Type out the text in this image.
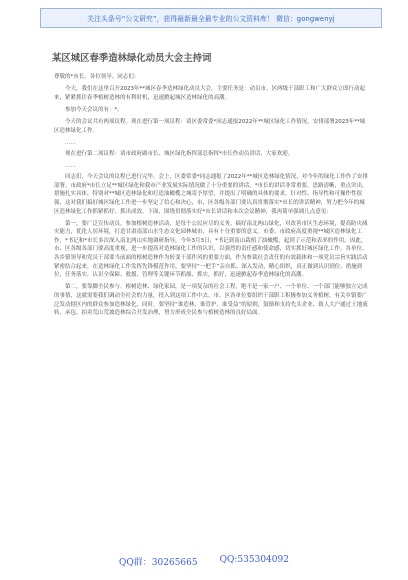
关注头条号“公文研究”，获得最新最全最专业的公文资料库！ 微信：gongwenyj
某区城区春季造林绿化动员大会主持词
尊敬的*市长，各位领导、同志们：
今天，我们在这里召开2023年**城区春季造林绿化动员大会，主要任务是：动员市、区两级干部职工和广大群众立即行动起来，紧紧抓住春季植树造林的有利时机，迅速掀起城区造林绿化的高潮。
参加今天会议的有：*。
今天的会议共有两项议程。现在进行第一项议程：请区委常委*同志通报2022年**城区绿化工作情况，安排部署2023年**城区造林绿化工作。
……
现在进行第二项议程：请市政府副市长、城区绿化指挥部总指挥*市长作动员讲话，大家欢迎。
……
同志们，今天会议的议程已进行完毕。会上，区委常委*同志通报了2022年**城区造林绿化情况，对今年的绿化工作作了安排部署，市政府*市长立足**城区绿化和我市产业发展实际情况做了十分重要的讲话，*市长的讲话非常重要，思路清晰，重点突出，措施扎实具体，特别对**城区造林绿化和打造油橄榄之城寄予厚望，并提出了明确的具体的要求，针对性、指导性和可操作性很强，这对我们搞好城区绿化工作进一步坚定了信心和决心，市、区各级各部门要认真贯彻落实*市长的讲话精神，努力把今年的城区造林绿化工作抓紧抓好、抓出成效。下面，围绕贯彻落实好*市长讲话和本次会议精神，我再简单强调几点意见：
第一，要广泛宣传动员。参加植树造林活动，是每个公民应尽的义务。搞好南北两山绿化，对改善市区生态环境，提高防灾减灾能力，优化人居环境，打造甘肃南部山水生态文化园林城市，具有十分重要的意义。市委、市政府高度重视**城区造林绿化工作，*书记和*市长多次深入南北两山实地调研指导，今年3月3日，*书记到南山栽植了油橄榄，起到了示范和表率的作用。因此，市、区各级各部门要高度重视，进一步提高对造林绿化工作的认识，以强烈的责任感和使命感，切实抓好城区绿化工作。各单位、各乡镇领导和党员干部要当前面的植树造林作为转变干部作风的重要方面，作为参裁社会责任的有效载体和一项党员宗旨实践活动紧密结合起来，在造林绿化工作发挥先锋模范作用。要坚持“一把手”亲自抓、深入发动，精心组织，真正做到认识到位、措施到位，任务落实，认识全保障、救援、管理等关键环节抓细、抓实，抓好，迅速掀起春季造林绿化的高潮。
第二，要靠脚全民参与。植树造林、绿化家园，是一项复杂的社会工程，绝不是一家一户、一个单位、一个部门能够独立完成的事情，这就需要我们调动全社会的力量，投入到这项工作中去。市、区各单位要组织干部职工积极参加义务植树，有关乡镇要广泛发动辖区内的群众参加造林绿化，同时，要坚持“谁造林、谁管护，谁受益”的原则，鼓励和支持先头企业、致人大户通过土地流转、承包、拍卖荒山荒坡造林综合开发治理，努力形成全民参与植树造林的良好局面。
QQ群：30265665 QQ:535304092
